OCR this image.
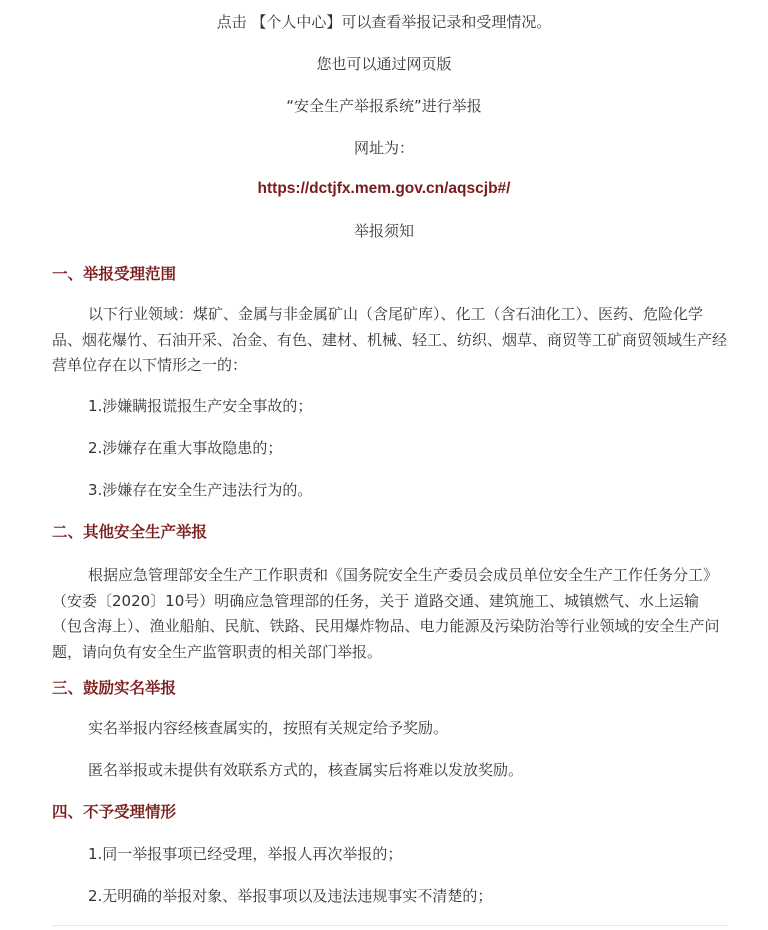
点击 【个人中心】可以查看举报记录和受理情况。
您也可以通过网页版
“安全生产举报系统”进行举报
网址为：
https://dctjfx.mem.gov.cn/aqscjb#/
举报须知
一、举报受理范围
以下行业领域：煤矿、金属与非金属矿山（含尾矿库）、化工（含石油化工）、医药、危险化学品、烟花爆竹、石油开采、冶金、有色、建材、机械、轻工、纺织、烟草、商贸等工矿商贸领域生产经营单位存在以下情形之一的：
1.涉嫌瞒报谎报生产安全事故的；
2.涉嫌存在重大事故隐患的；
3.涉嫌存在安全生产违法行为的。
二、其他安全生产举报
根据应急管理部安全生产工作职责和《国务院安全生产委员会成员单位安全生产工作任务分工》（安委〔2020〕10号）明确应急管理部的任务，关于 道路交通、建筑施工、城镇燃气、水上运输（包含海上）、渔业船舶、民航、铁路、民用爆炸物品、电力能源及污染防治等行业领域的安全生产问题，请向负有安全生产监管职责的相关部门举报。
三、鼓励实名举报
实名举报内容经核查属实的，按照有关规定给予奖励。
匿名举报或未提供有效联系方式的，核查属实后将难以发放奖励。
四、不予受理情形
1.同一举报事项已经受理，举报人再次举报的；
2.无明确的举报对象、举报事项以及违法违规事实不清楚的；
